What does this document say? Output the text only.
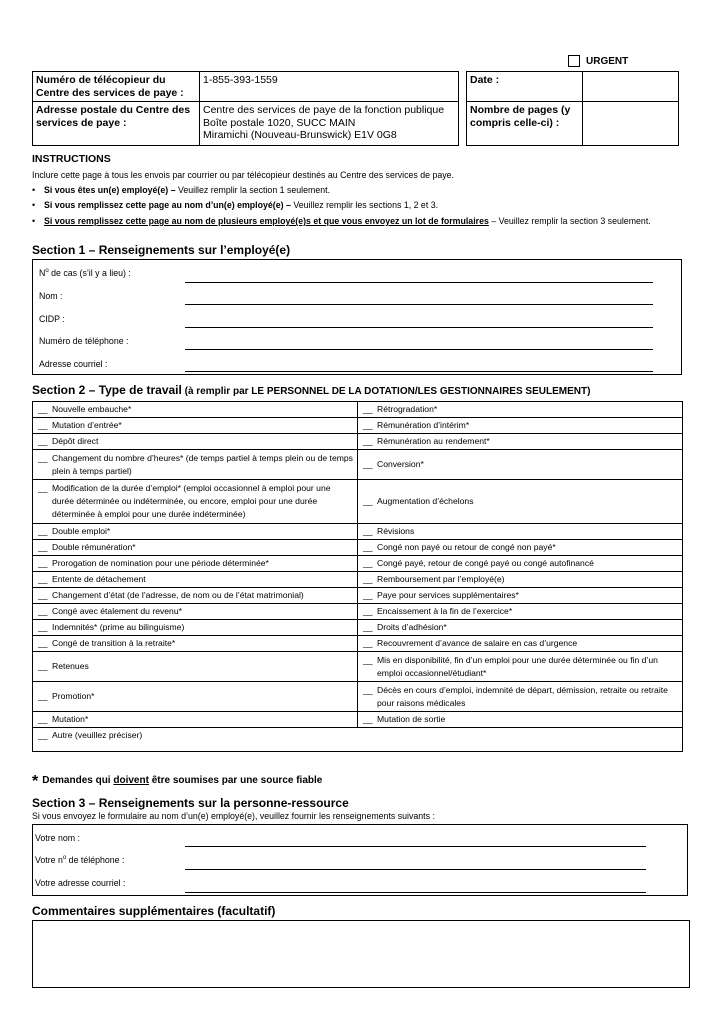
URGENT
Numéro de télécopieur du Centre des services de paye :	1-855-393-1559
Adresse postale du Centre des services de paye :	Centre des services de paye de la fonction publique
Boîte postale 1020, SUCC MAIN
Miramichi (Nouveau-Brunswick) E1V 0G8
Date :	
Nombre de pages (y compris celle-ci) :	
INSTRUCTIONS
Inclure cette page à tous les envois par courrier ou par télécopieur destinés au Centre des services de paye.
• Si vous êtes un(e) employé(e) – Veuillez remplir la section 1 seulement.
• Si vous remplissez cette page au nom d’un(e) employé(e) – Veuillez remplir les sections 1, 2 et 3.
• Si vous remplissez cette page au nom de plusieurs employé(e)s et que vous envoyez un lot de formulaires – Veuillez remplir la section 3 seulement.
Section 1 – Renseignements sur l’employé(e)
$N^o$ de cas (s’il y a lieu) :
Nom :
CIDP :
Numéro de téléphone :
Adresse courriel :
Section 2 – Type de travail (à remplir par LE PERSONNEL DE LA DOTATION/LES GESTIONNAIRES SEULEMENT)
__ Nouvelle embauche*	__ Rétrogradation*

__ Mutation d’entrée*	__ Rémunération d’intérim*

__ Dépôt direct	__ Rémunération au rendement*

__ Changement du nombre d’heures* (de temps partiel à temps plein ou de temps plein à temps partiel)	__ Conversion*

__ Modification de la durée d’emploi* (emploi occasionnel à emploi pour une durée déterminée ou indéterminée, ou encore, emploi pour une durée déterminée à emploi pour une durée indéterminée)	__ Augmentation d’échelons

__ Double emploi*	__ Révisions

__ Double rémunération*	__ Congé non payé ou retour de congé non payé*

__ Prorogation de nomination pour une période déterminée*	__ Congé payé, retour de congé payé ou congé autofinancé

__ Entente de détachement	__ Remboursement par l’employé(e)

__ Changement d’état (de l’adresse, de nom ou de l’état matrimonial)	__ Paye pour services supplémentaires*

__ Congé avec étalement du revenu*	__ Encaissement à la fin de l’exercice*

__ Indemnités* (prime au bilinguisme)	__ Droits d’adhésion*

__ Congé de transition à la retraite*	__ Recouvrement d’avance de salaire en cas d’urgence

__ Retenues	__ Mis en disponibilité, fin d’un emploi pour une durée déterminée ou fin d’un emploi occasionnel/étudiant*

__ Promotion*	__ Décès en cours d’emploi, indemnité de départ, démission, retraite ou retraite pour raisons médicales

__ Mutation*	__ Mutation de sortie

__ Autre (veuillez préciser)	
* Demandes qui doivent être soumises par une source fiable
Section 3 – Renseignements sur la personne-ressource
Si vous envoyez le formulaire au nom d’un(e) employé(e), veuillez fournir les renseignements suivants :
Votre nom :
Votre $n^o$ de téléphone :
Votre adresse courriel :
Commentaires supplémentaires (facultatif)
